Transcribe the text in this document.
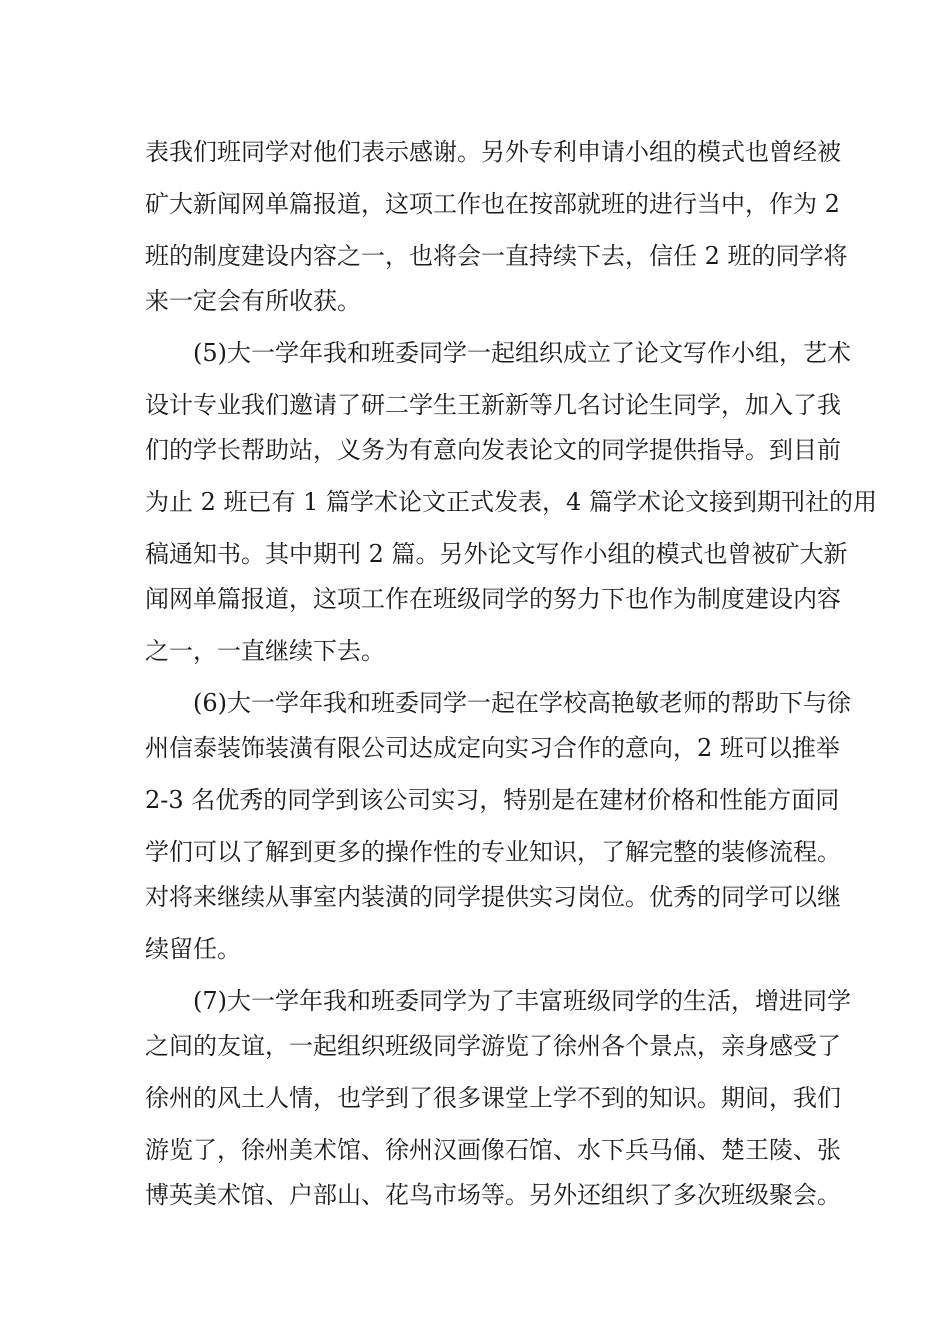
表我们班同学对他们表示感谢。另外专利申请小组的模式也曾经被
矿大新闻网单篇报道，这项工作也在按部就班的进行当中，作为 2
班的制度建设内容之一，也将会一直持续下去，信任 2 班的同学将
来一定会有所收获。
(5)大一学年我和班委同学一起组织成立了论文写作小组，艺术
设计专业我们邀请了研二学生王新新等几名讨论生同学，加入了我
们的学长帮助站，义务为有意向发表论文的同学提供指导。到目前
为止 2 班已有 1 篇学术论文正式发表，4 篇学术论文接到期刊社的用
稿通知书。其中期刊 2 篇。另外论文写作小组的模式也曾被矿大新
闻网单篇报道，这项工作在班级同学的努力下也作为制度建设内容
之一，一直继续下去。
(6)大一学年我和班委同学一起在学校高艳敏老师的帮助下与徐
州信泰装饰装潢有限公司达成定向实习合作的意向，2 班可以推举
2-3 名优秀的同学到该公司实习，特别是在建材价格和性能方面同
学们可以了解到更多的操作性的专业知识，了解完整的装修流程。
对将来继续从事室内装潢的同学提供实习岗位。优秀的同学可以继
续留任。
(7)大一学年我和班委同学为了丰富班级同学的生活，增进同学
之间的友谊，一起组织班级同学游览了徐州各个景点，亲身感受了
徐州的风土人情，也学到了很多课堂上学不到的知识。期间，我们
游览了，徐州美术馆、徐州汉画像石馆、水下兵马俑、楚王陵、张
博英美术馆、户部山、花鸟市场等。另外还组织了多次班级聚会。
